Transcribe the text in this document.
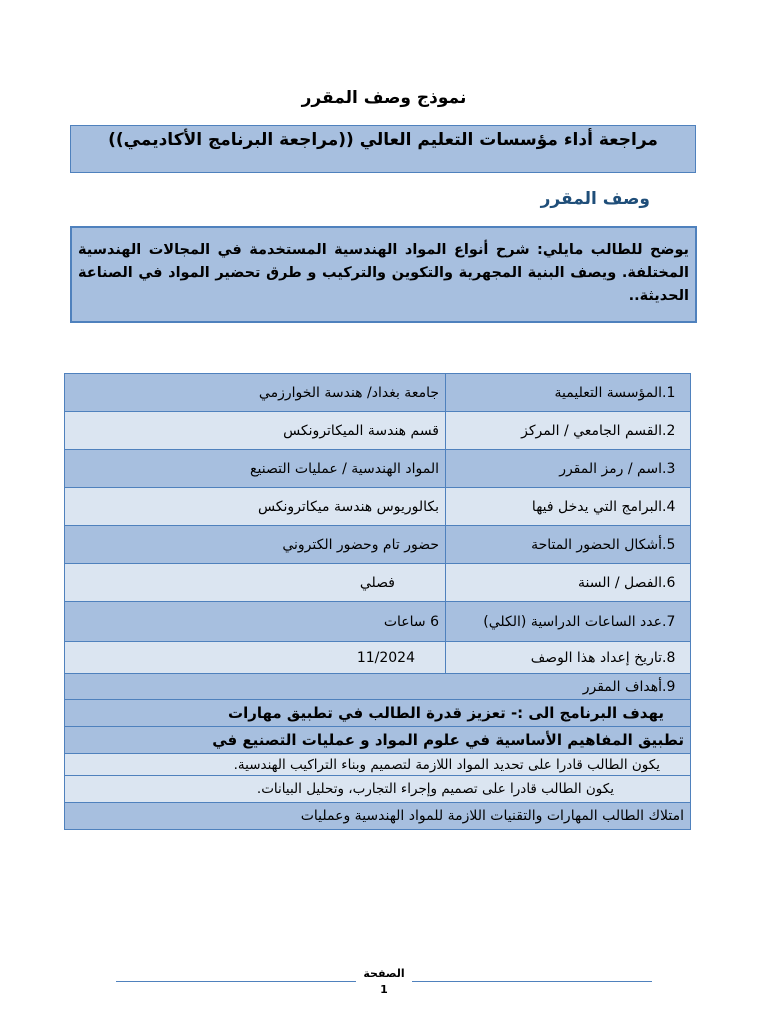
نموذج وصف المقرر
مراجعة أداء مؤسسات التعليم العالي ((مراجعة البرنامج الأكاديمي))
وصف المقرر
يوضح للطالب مايلي: شرح أنواع المواد الهندسية المستخدمة في المجالات الهندسية المختلفة. ويصف البنية المجهرية والتكوين والتركيب و طرق تحضير المواد في الصناعة الحديثة..
1.المؤسسة التعليمية	جامعة بغداد/ هندسة الخوارزمي
2.القسم الجامعي / المركز	قسم هندسة الميكاترونكس
3.اسم / رمز المقرر	المواد الهندسية / عمليات التصنيع
4.البرامج التي يدخل فيها	بكالوريوس هندسة ميكاترونكس
5.أشكال الحضور المتاحة	حضور تام وحضور الكتروني
6.الفصل / السنة	فصلي
7.عدد الساعات الدراسية (الكلي)	6 ساعات
8.تاريخ إعداد هذا الوصف	11/2024
9.أهداف المقرر	
يهدف البرنامج الى :- تعزيز قدرة الطالب في تطبيق مهارات	
تطبيق المفاهيم الأساسية في علوم المواد و عمليات التصنيع في	
يكون الطالب قادرا على تحديد المواد اللازمة لتصميم وبناء التراكيب الهندسية.	
يكون الطالب قادرا على تصميم وإجراء التجارب، وتحليل البيانات.	
امتلاك الطالب المهارات والتقنيات اللازمة للمواد الهندسية وعمليات	
الصفحة 1
